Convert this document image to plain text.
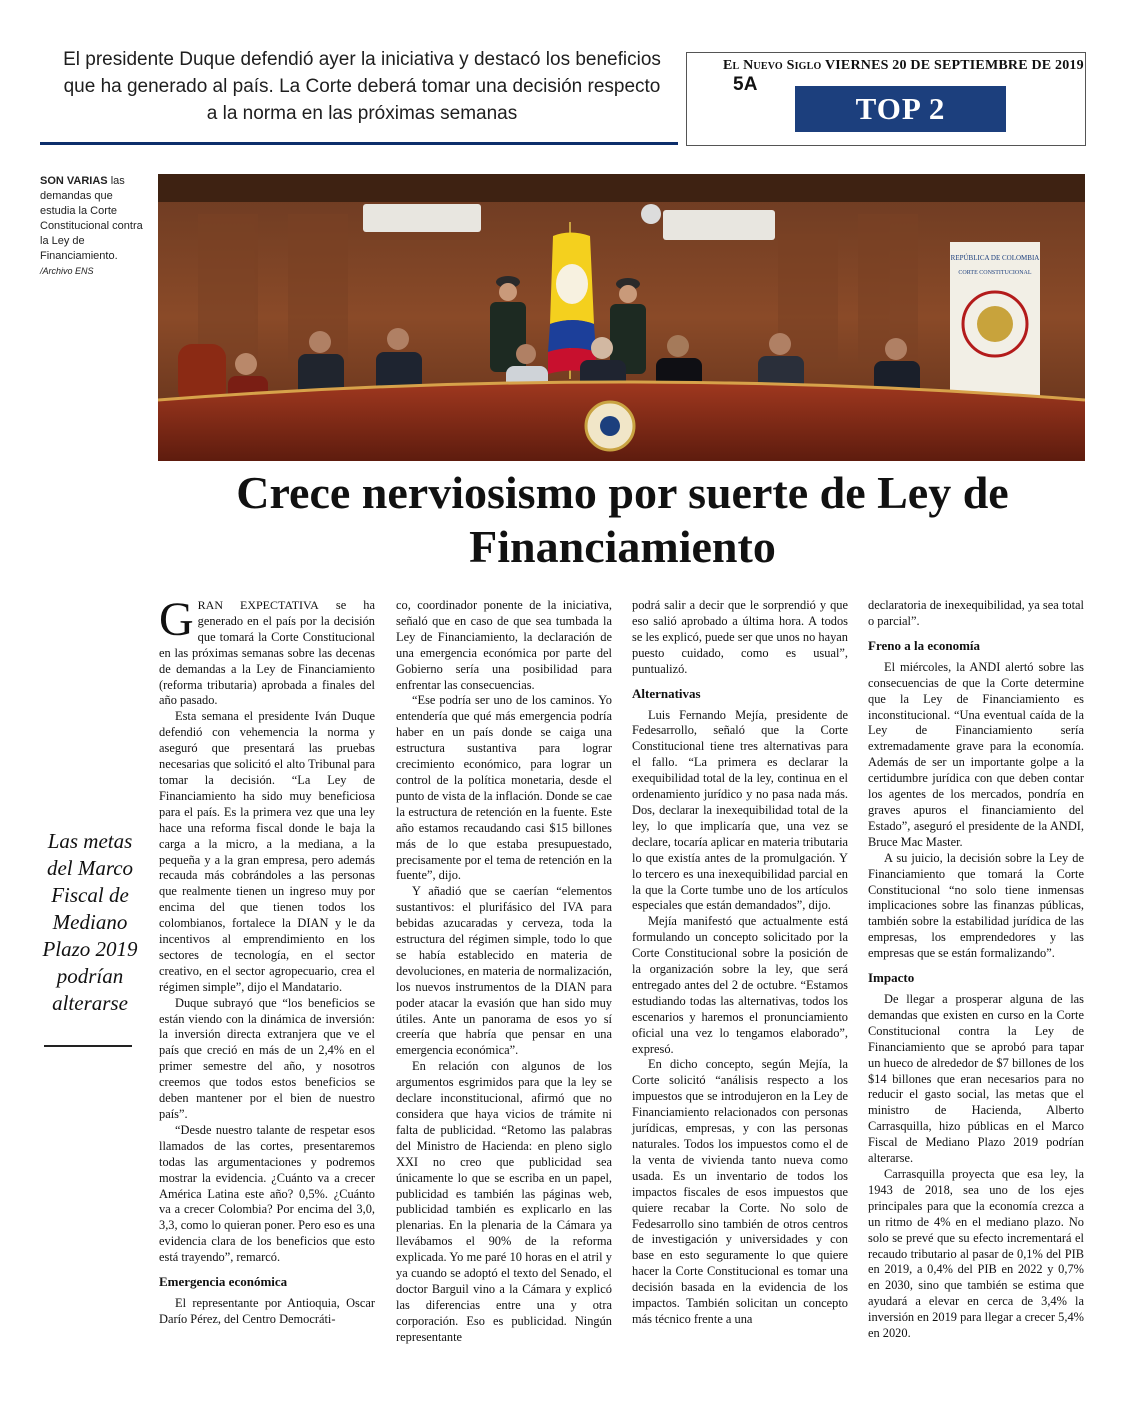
El presidente Duque defendió ayer la iniciativa y destacó los beneficios que ha generado al país. La Corte deberá tomar una decisión respecto a la norma en las próximas semanas
El Nuevo Siglo VIERNES 20 DE SEPTIEMBRE DE 2019 5A
TOP 2
SON VARIAS las demandas que estudia la Corte Constitucional contra la Ley de Financiamiento.
/Archivo ENS
REPÚBLICA DE COLOMBIA
CORTE CONSTITUCIONAL
Crece nerviosismo por suerte de Ley de Financiamiento
Las metas del Marco Fiscal de Mediano Plazo 2019 podrían alterarse

GRAN EXPECTATIVA se ha generado en el país por la decisión que tomará la Corte Constitucional en las próximas semanas sobre las decenas de demandas a la Ley de Financiamiento (reforma tributaria) aprobada a finales del año pasado.

Esta semana el presidente Iván Duque defendió con vehemencia la norma y aseguró que presentará las pruebas necesarias que solicitó el alto Tribunal para tomar la decisión. “La Ley de Financiamiento ha sido muy beneficiosa para el país. Es la primera vez que una ley hace una reforma fiscal donde le baja la carga a la micro, a la mediana, a la pequeña y a la gran empresa, pero además recauda más cobrándoles a las personas que realmente tienen un ingreso muy por encima del que tienen todos los colombianos, fortalece la DIAN y le da incentivos al emprendimiento en los sectores de tecnología, en el sector creativo, en el sector agropecuario, crea el régimen simple”, dijo el Mandatario.

Duque subrayó que “los beneficios se están viendo con la dinámica de inversión: la inversión directa extranjera que ve el país que creció en más de un 2,4% en el primer semestre del año, y nosotros creemos que todos estos beneficios se deben mantener por el bien de nuestro país”.

“Desde nuestro talante de respetar esos llamados de las cortes, presentaremos todas las argumentaciones y podremos mostrar la evidencia. ¿Cuánto va a crecer América Latina este año? 0,5%. ¿Cuánto va a crecer Colombia? Por encima del 3,0, 3,3, como lo quieran poner. Pero eso es una evidencia clara de los beneficios que esto está trayendo”, remarcó.

Emergencia económica

El representante por Antioquia, Oscar Darío Pérez, del Centro Democráti-

co, coordinador ponente de la iniciativa, señaló que en caso de que sea tumbada la Ley de Financiamiento, la declaración de una emergencia económica por parte del Gobierno sería una posibilidad para enfrentar las consecuencias.

“Ese podría ser uno de los caminos. Yo entendería que qué más emergencia podría haber en un país donde se caiga una estructura sustantiva para lograr crecimiento económico, para lograr un control de la política monetaria, desde el punto de vista de la inflación. Donde se cae la estructura de retención en la fuente. Este año estamos recaudando casi $15 billones más de lo que estaba presupuestado, precisamente por el tema de retención en la fuente”, dijo.

Y añadió que se caerían “elementos sustantivos: el plurifásico del IVA para bebidas azucaradas y cerveza, toda la estructura del régimen simple, todo lo que se había establecido en materia de devoluciones, en materia de normalización, los nuevos instrumentos de la DIAN para poder atacar la evasión que han sido muy útiles. Ante un panorama de esos yo sí creería que habría que pensar en una emergencia económica”.

En relación con algunos de los argumentos esgrimidos para que la ley se declare inconstitucional, afirmó que no considera que haya vicios de trámite ni falta de publicidad. “Retomo las palabras del Ministro de Hacienda: en pleno siglo XXI no creo que publicidad sea únicamente lo que se escriba en un papel, publicidad es también las páginas web, publicidad también es explicarlo en las plenarias. En la plenaria de la Cámara ya llevábamos el 90% de la reforma explicada. Yo me paré 10 horas en el atril y ya cuando se adoptó el texto del Senado, el doctor Barguil vino a la Cámara y explicó las diferencias entre una y otra corporación. Eso es publicidad. Ningún representante

podrá salir a decir que le sorprendió y que eso salió aprobado a última hora. A todos se les explicó, puede ser que unos no hayan puesto cuidado, como es usual”, puntualizó.

Alternativas

Luis Fernando Mejía, presidente de Fedesarrollo, señaló que la Corte Constitucional tiene tres alternativas para el fallo. “La primera es declarar la exequibilidad total de la ley, continua en el ordenamiento jurídico y no pasa nada más. Dos, declarar la inexequibilidad total de la ley, lo que implicaría que, una vez se declare, tocaría aplicar en materia tributaria lo que existía antes de la promulgación. Y lo tercero es una inexequibilidad parcial en la que la Corte tumbe uno de los artículos especiales que están demandados”, dijo.

Mejía manifestó que actualmente está formulando un concepto solicitado por la Corte Constitucional sobre la posición de la organización sobre la ley, que será entregado antes del 2 de octubre. “Estamos estudiando todas las alternativas, todos los escenarios y haremos el pronunciamiento oficial una vez lo tengamos elaborado”, expresó.

En dicho concepto, según Mejía, la Corte solicitó “análisis respecto a los impuestos que se introdujeron en la Ley de Financiamiento relacionados con personas jurídicas, empresas, y con las personas naturales. Todos los impuestos como el de la venta de vivienda tanto nueva como usada. Es un inventario de todos los impactos fiscales de esos impuestos que quiere recabar la Corte. No solo de Fedesarrollo sino también de otros centros de investigación y universidades y con base en esto seguramente lo que quiere hacer la Corte Constitucional es tomar una decisión basada en la evidencia de los impactos. También solicitan un concepto más técnico frente a una

declaratoria de inexequibilidad, ya sea total o parcial”.

Freno a la economía

El miércoles, la ANDI alertó sobre las consecuencias de que la Corte determine que la Ley de Financiamiento es inconstitucional. “Una eventual caída de la Ley de Financiamiento sería extremadamente grave para la economía. Además de ser un importante golpe a la certidumbre jurídica con que deben contar los agentes de los mercados, pondría en graves apuros el financiamiento del Estado”, aseguró el presidente de la ANDI, Bruce Mac Master.

A su juicio, la decisión sobre la Ley de Financiamiento que tomará la Corte Constitucional “no solo tiene inmensas implicaciones sobre las finanzas públicas, también sobre la estabilidad jurídica de las empresas, los emprendedores y las empresas que se están formalizando”.

Impacto

De llegar a prosperar alguna de las demandas que existen en curso en la Corte Constitucional contra la Ley de Financiamiento que se aprobó para tapar un hueco de alrededor de $7 billones de los $14 billones que eran necesarios para no reducir el gasto social, las metas que el ministro de Hacienda, Alberto Carrasquilla, hizo públicas en el Marco Fiscal de Mediano Plazo 2019 podrían alterarse.

Carrasquilla proyecta que esa ley, la 1943 de 2018, sea uno de los ejes principales para que la economía crezca a un ritmo de 4% en el mediano plazo. No solo se prevé que su efecto incrementará el recaudo tributario al pasar de 0,1% del PIB en 2019, a 0,4% del PIB en 2022 y 0,7% en 2030, sino que también se estima que ayudará a elevar en cerca de 3,4% la inversión en 2019 para llegar a crecer 5,4% en 2020.
